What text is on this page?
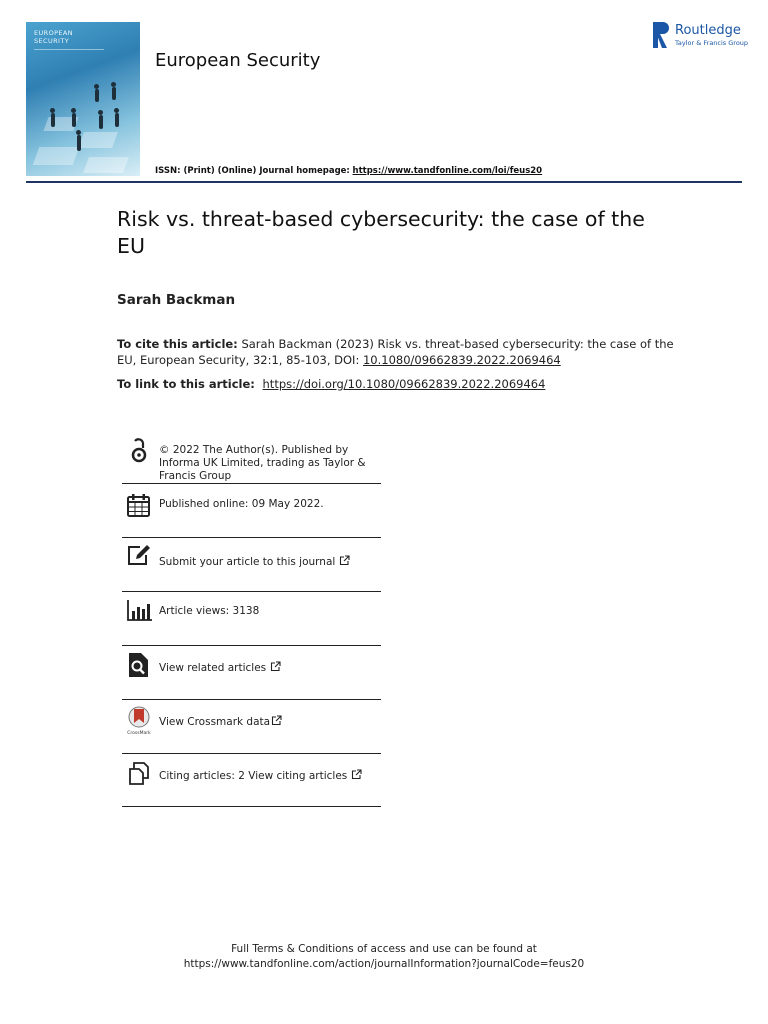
EUROPEAN
SECURITY
European Security
Routledge
Taylor & Francis Group
ISSN: (Print) (Online) Journal homepage: https://www.tandfonline.com/loi/feus20
Risk vs. threat-based cybersecurity: the case of the EU
Sarah Backman
To cite this article: Sarah Backman (2023) Risk vs. threat-based cybersecurity: the case of the EU, European Security, 32:1, 85-103, DOI: 10.1080/09662839.2022.2069464
To link to this article: https://doi.org/10.1080/09662839.2022.2069464
© 2022 The Author(s). Published by Informa UK Limited, trading as Taylor & Francis Group
Published online: 09 May 2022.
Submit your article to this journal
Article views: 3138
View related articles
CrossMark
View Crossmark data
Citing articles: 2 View citing articles
Full Terms & Conditions of access and use can be found at
https://www.tandfonline.com/action/journalInformation?journalCode=feus20
